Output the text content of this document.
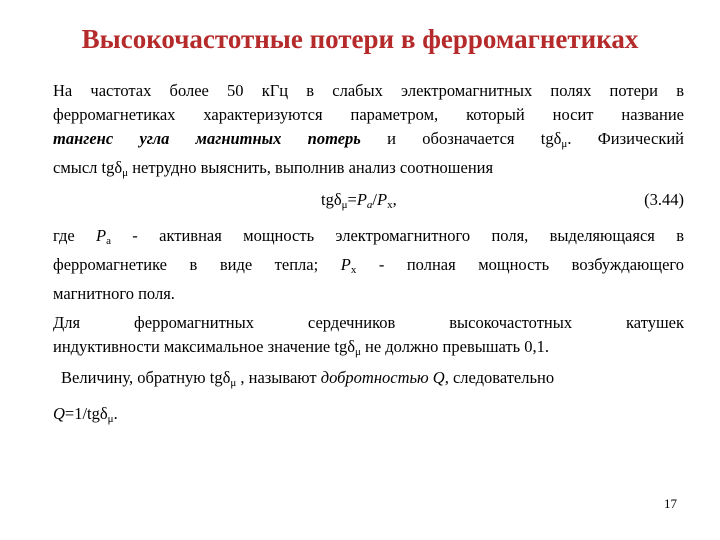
Высокочастотные потери в ферромагнетиках
На частотах более 50 кГц в слабых электромагнитных полях потери в
ферромагнетиках характеризуются параметром, который носит название
тангенс угла магнитных потерь и обозначается tgδ$_\mu$. Физический
смысл tgδ$_\mu$ нетрудно выяснить, выполнив анализ соотношения
$tg\delta_\mu=P_a/P_x$,	(3.44)
где $P_a$ - активная мощность электромагнитного поля, выделяющаяся в
ферромагнетике в виде тепла; $P_x$ - полная мощность возбуждающего
магнитного поля.
Для ферромагнитных сердечников высокочастотных катушек
индуктивности максимальное значение tgδ$_\mu$ не должно превышать 0,1.
Величину, обратную tgδ$_\mu$ , называют добротностью Q, следовательно
Q=1/tgδ$_\mu$.
17
